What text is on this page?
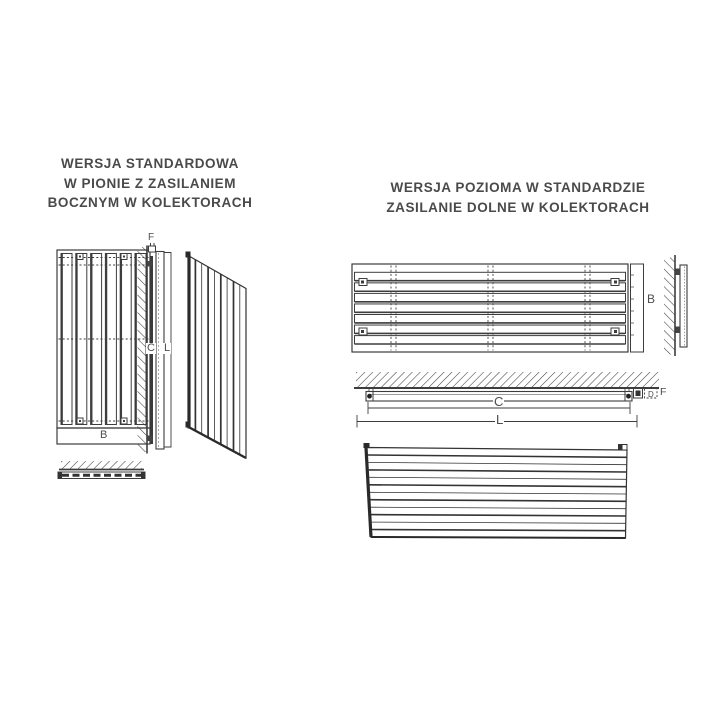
WERSJA STANDARDOWA
W PIONIE Z ZASILANIEM
BOCZNYM W KOLEKTORACH
WERSJA POZIOMA W STANDARDZIE
ZASILANIE DOLNE W KOLEKTORACH
F
C L
B
B
C
L
D F
